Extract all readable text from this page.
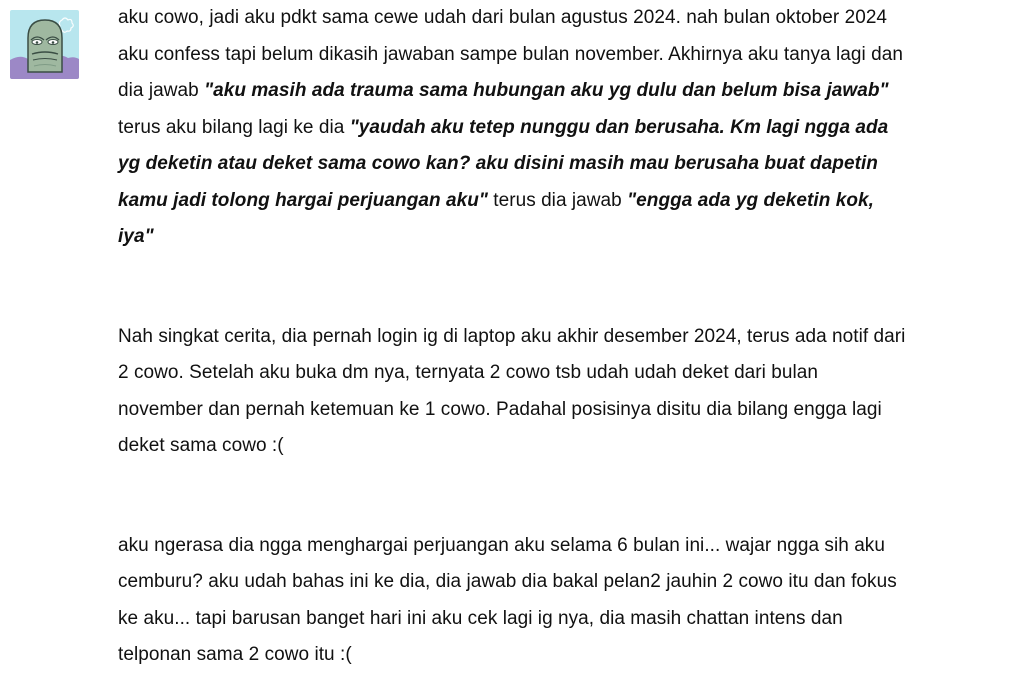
aku cowo, jadi aku pdkt sama cewe udah dari bulan agustus 2024. nah bulan oktober 2024 aku confess tapi belum dikasih jawaban sampe bulan november. Akhirnya aku tanya lagi dan dia jawab "aku masih ada trauma sama hubungan aku yg dulu dan belum bisa jawab" terus aku bilang lagi ke dia "yaudah aku tetep nunggu dan berusaha. Km lagi ngga ada yg deketin atau deket sama cowo kan? aku disini masih mau berusaha buat dapetin kamu jadi tolong hargai perjuangan aku" terus dia jawab "engga ada yg deketin kok, iya"

Nah singkat cerita, dia pernah login ig di laptop aku akhir desember 2024, terus ada notif dari 2 cowo. Setelah aku buka dm nya, ternyata 2 cowo tsb udah udah deket dari bulan november dan pernah ketemuan ke 1 cowo. Padahal posisinya disitu dia bilang engga lagi deket sama cowo :(

aku ngerasa dia ngga menghargai perjuangan aku selama 6 bulan ini... wajar ngga sih aku cemburu? aku udah bahas ini ke dia, dia jawab dia bakal pelan2 jauhin 2 cowo itu dan fokus ke aku... tapi barusan banget hari ini aku cek lagi ig nya, dia masih chattan intens dan telponan sama 2 cowo itu :(
